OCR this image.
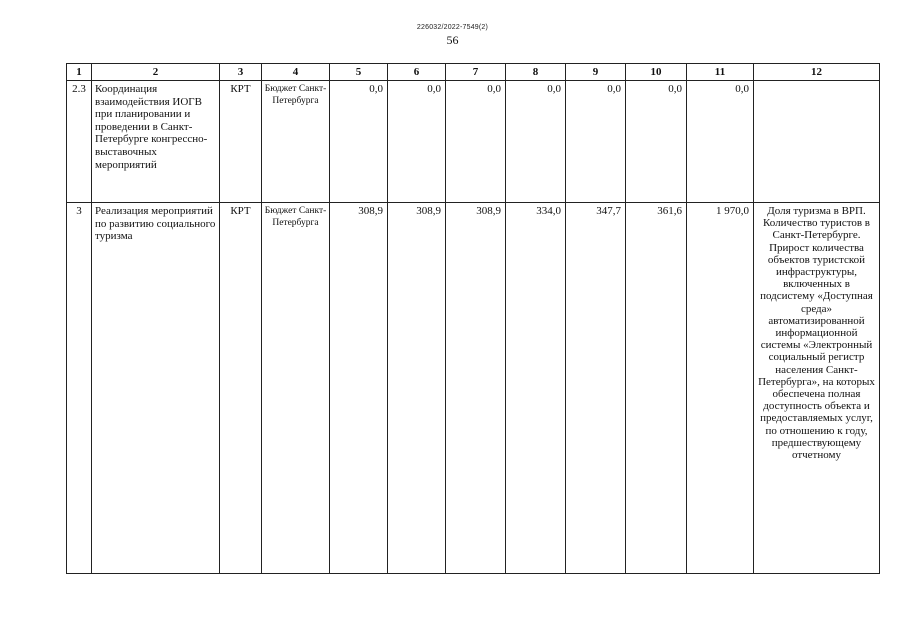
226032/2022-7549(2)
56
1	2	3	4	5	6	7	8	9	10	11	12
2.3	Координация взаимодействия ИОГВ при планировании и проведении в Санкт-Петербурге конгрессно-выставочных мероприятий	КРТ	Бюджет Санкт-Петербурга	0,0	0,0	0,0	0,0	0,0	0,0	0,0	
3	Реализация мероприятий по развитию социального туризма	КРТ	Бюджет Санкт-Петербурга	308,9	308,9	308,9	334,0	347,7	361,6	1 970,0	Доля туризма в ВРП. Количество туристов в Санкт-Петербурге. Прирост количества объектов туристской инфраструктуры, включенных в подсистему «Доступная среда» автоматизированной информационной системы «Электронный социальный регистр населения Санкт-Петербурга», на которых обеспечена полная доступность объекта и предоставляемых услуг, по отношению к году, предшествующему отчетному
